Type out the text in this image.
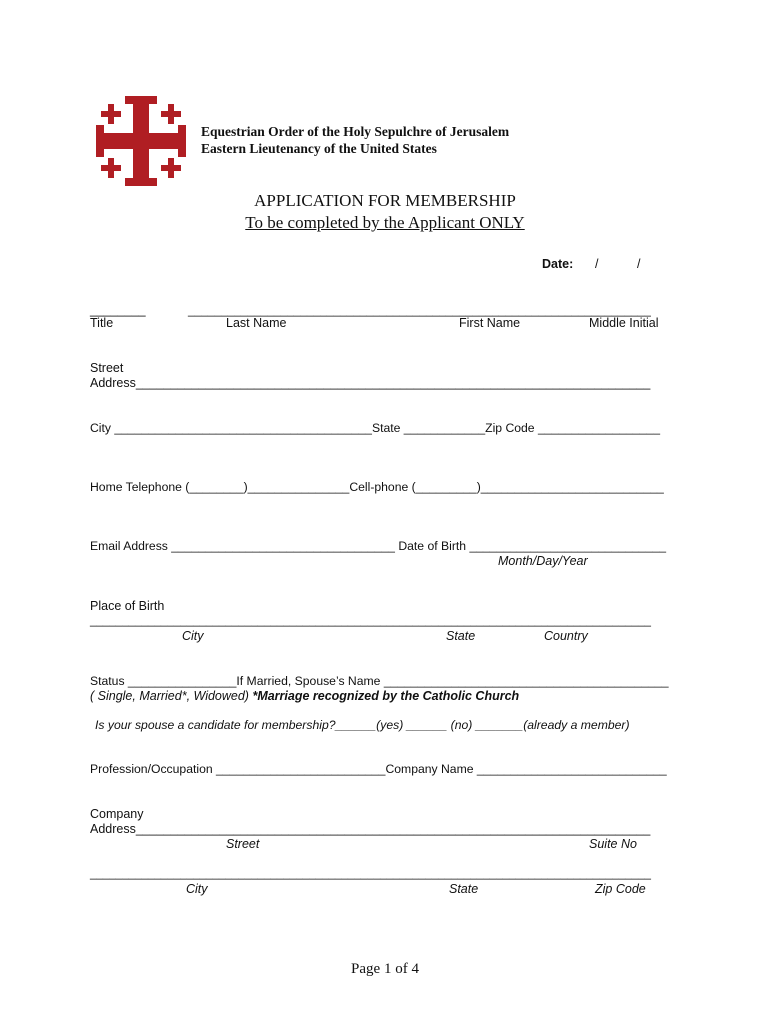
Equestrian Order of the Holy Sepulchre of Jerusalem
Eastern Lieutenancy of the United States
APPLICATION FOR MEMBERSHIP
To be completed by the Applicant ONLY
Date: /	/
________	______________________________________________________________________
Title	Last Name	First Name	Middle Initial
Street
Address__________________________________________________________________________
City ______________________________________State ____________Zip Code __________________
Home Telephone (________)_______________Cell-phone (_________)___________________________
Email Address _________________________________ Date of Birth _____________________________
Month/Day/Year
Place of Birth
_______________________________________________________________________________________
City	State	Country
Status ________________If Married, Spouse’s Name __________________________________________
( Single, Married*, Widowed) *Marriage recognized by the Catholic Church
Is your spouse a candidate for membership?______(yes) ______ (no) _______(already a member)
Profession/Occupation _________________________Company Name ____________________________
Company
Address__________________________________________________________________________
Street	Suite No
_______________________________________________________________________________________
City	State	Zip Code
Page 1 of 4
